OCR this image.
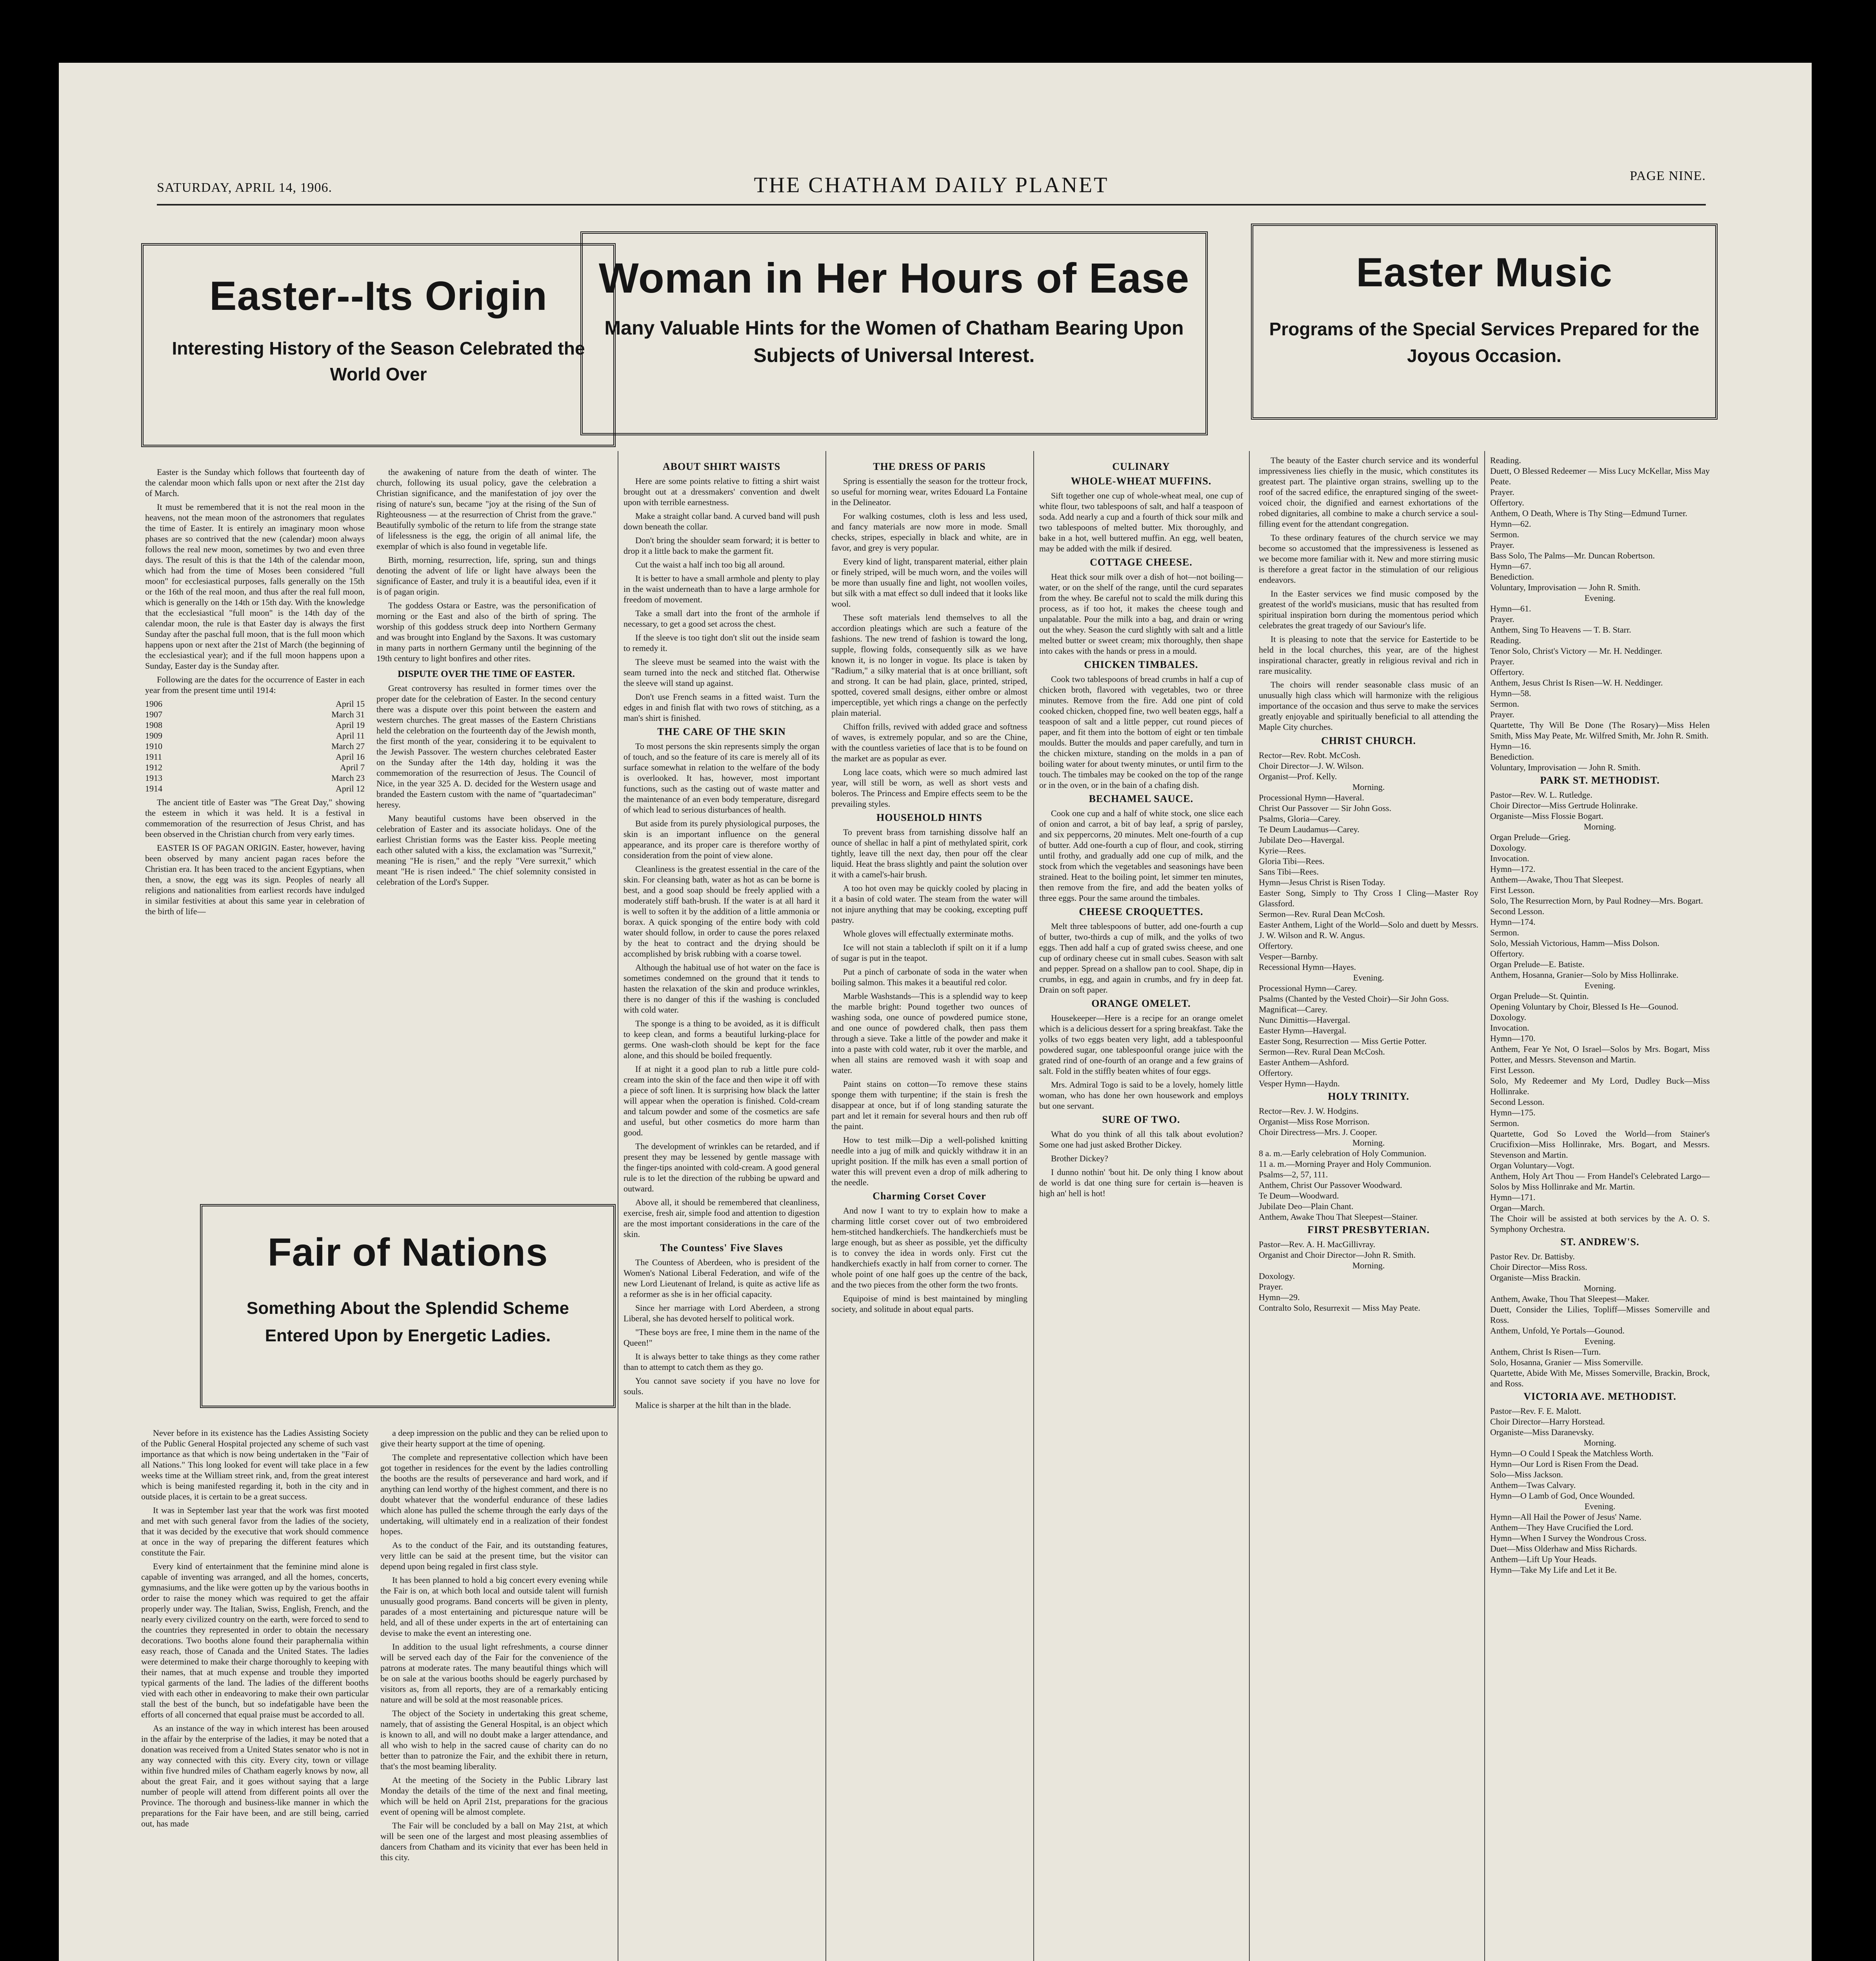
SATURDAY, APRIL 14, 1906.	THE CHATHAM DAILY PLANET	PAGE NINE.
Easter--Its Origin
Interesting History of the Season Celebrated the World Over
Woman in Her Hours of Ease
Many Valuable Hints for the Women of Chatham Bearing Upon Subjects of Universal Interest.
Easter Music
Programs of the Special Services Prepared for the Joyous Occasion.

Easter is the Sunday which follows that fourteenth day of the calendar moon which falls upon or next after the 21st day of March.

It must be remembered that it is not the real moon in the heavens, not the mean moon of the astronomers that regulates the time of Easter. It is entirely an imaginary moon whose phases are so contrived that the new (calendar) moon always follows the real new moon, sometimes by two and even three days. The result of this is that the 14th of the calendar moon, which had from the time of Moses been considered "full moon" for ecclesiastical purposes, falls generally on the 15th or the 16th of the real moon, and thus after the real full moon, which is generally on the 14th or 15th day. With the knowledge that the ecclesiastical "full moon" is the 14th day of the calendar moon, the rule is that Easter day is always the first Sunday after the paschal full moon, that is the full moon which happens upon or next after the 21st of March (the beginning of the ecclesiastical year); and if the full moon happens upon a Sunday, Easter day is the Sunday after.

Following are the dates for the occurrence of Easter in each year from the present time until 1914:

1906	April 15
1907	March 31
1908	April 19
1909	April 11
1910	March 27
1911	April 16
1912	April 7
1913	March 23
1914	April 12

The ancient title of Easter was "The Great Day," showing the esteem in which it was held. It is a festival in commemoration of the resurrection of Jesus Christ, and has been observed in the Christian church from very early times.

EASTER IS OF PAGAN ORIGIN. Easter, however, having been observed by many ancient pagan races before the Christian era. It has been traced to the ancient Egyptians, when then, a snow, the egg was its sign. Peoples of nearly all religions and nationalities from earliest records have indulged in similar festivities at about this same year in celebration of the birth of life—

the awakening of nature from the death of winter. The church, following its usual policy, gave the celebration a Christian significance, and the manifestation of joy over the rising of nature's sun, became "joy at the rising of the Sun of Righteousness — at the resurrection of Christ from the grave." Beautifully symbolic of the return to life from the strange state of lifelessness is the egg, the origin of all animal life, the exemplar of which is also found in vegetable life.

Birth, morning, resurrection, life, spring, sun and things denoting the advent of life or light have always been the significance of Easter, and truly it is a beautiful idea, even if it is of pagan origin.

The goddess Ostara or Eastre, was the personification of morning or the East and also of the birth of spring. The worship of this goddess struck deep into Northern Germany and was brought into England by the Saxons. It was customary in many parts in northern Germany until the beginning of the 19th century to light bonfires and other rites.

DISPUTE OVER THE TIME OF EASTER.

Great controversy has resulted in former times over the proper date for the celebration of Easter. In the second century there was a dispute over this point between the eastern and western churches. The great masses of the Eastern Christians held the celebration on the fourteenth day of the Jewish month, the first month of the year, considering it to be equivalent to the Jewish Passover. The western churches celebrated Easter on the Sunday after the 14th day, holding it was the commemoration of the resurrection of Jesus. The Council of Nice, in the year 325 A. D. decided for the Western usage and branded the Eastern custom with the name of "quartadeciman" heresy.

Many beautiful customs have been observed in the celebration of Easter and its associate holidays. One of the earliest Christian forms was the Easter kiss. People meeting each other saluted with a kiss, the exclamation was "Surrexit," meaning "He is risen," and the reply "Vere surrexit," which meant "He is risen indeed." The chief solemnity consisted in celebration of the Lord's Supper.

Fair of Nations
Something About the Splendid Scheme Entered Upon by Energetic Ladies.

Never before in its existence has the Ladies Assisting Society of the Public General Hospital projected any scheme of such vast importance as that which is now being undertaken in the "Fair of all Nations." This long looked for event will take place in a few weeks time at the William street rink, and, from the great interest which is being manifested regarding it, both in the city and in outside places, it is certain to be a great success.

It was in September last year that the work was first mooted and met with such general favor from the ladies of the society, that it was decided by the executive that work should commence at once in the way of preparing the different features which constitute the Fair.

Every kind of entertainment that the feminine mind alone is capable of inventing was arranged, and all the homes, concerts, gymnasiums, and the like were gotten up by the various booths in order to raise the money which was required to get the affair properly under way. The Italian, Swiss, English, French, and the nearly every civilized country on the earth, were forced to send to the countries they represented in order to obtain the necessary decorations. Two booths alone found their paraphernalia within easy reach, those of Canada and the United States. The ladies were determined to make their charge thoroughly to keeping with their names, that at much expense and trouble they imported typical garments of the land. The ladies of the different booths vied with each other in endeavoring to make their own particular stall the best of the bunch, but so indefatigable have been the efforts of all concerned that equal praise must be accorded to all.

As an instance of the way in which interest has been aroused in the affair by the enterprise of the ladies, it may be noted that a donation was received from a United States senator who is not in any way connected with this city. Every city, town or village within five hundred miles of Chatham eagerly knows by now, all about the great Fair, and it goes without saying that a large number of people will attend from different points all over the Province. The thorough and business-like manner in which the preparations for the Fair have been, and are still being, carried out, has made

a deep impression on the public and they can be relied upon to give their hearty support at the time of opening.

The complete and representative collection which have been got together in residences for the event by the ladies controlling the booths are the results of perseverance and hard work, and if anything can lend worthy of the highest comment, and there is no doubt whatever that the wonderful endurance of these ladies which alone has pulled the scheme through the early days of the undertaking, will ultimately end in a realization of their fondest hopes.

As to the conduct of the Fair, and its outstanding features, very little can be said at the present time, but the visitor can depend upon being regaled in first class style.

It has been planned to hold a big concert every evening while the Fair is on, at which both local and outside talent will furnish unusually good programs. Band concerts will be given in plenty, parades of a most entertaining and picturesque nature will be held, and all of these under experts in the art of entertaining can devise to make the event an interesting one.

In addition to the usual light refreshments, a course dinner will be served each day of the Fair for the convenience of the patrons at moderate rates. The many beautiful things which will be on sale at the various booths should be eagerly purchased by visitors as, from all reports, they are of a remarkably enticing nature and will be sold at the most reasonable prices.

The object of the Society in undertaking this great scheme, namely, that of assisting the General Hospital, is an object which is known to all, and will no doubt make a larger attendance, and all who wish to help in the sacred cause of charity can do no better than to patronize the Fair, and the exhibit there in return, that's the most beaming liberality.

At the meeting of the Society in the Public Library last Monday the details of the time of the next and final meeting, which will be held on April 21st, preparations for the gracious event of opening will be almost complete.

The Fair will be concluded by a ball on May 21st, at which will be seen one of the largest and most pleasing assemblies of dancers from Chatham and its vicinity that ever has been held in this city.

ABOUT SHIRT WAISTS

Here are some points relative to fitting a shirt waist brought out at a dressmakers' convention and dwelt upon with terrible earnestness.

Make a straight collar band. A curved band will push down beneath the collar.

Don't bring the shoulder seam forward; it is better to drop it a little back to make the garment fit.

Cut the waist a half inch too big all around.

It is better to have a small armhole and plenty to play in the waist underneath than to have a large armhole for freedom of movement.

Take a small dart into the front of the armhole if necessary, to get a good set across the chest.

If the sleeve is too tight don't slit out the inside seam to remedy it.

The sleeve must be seamed into the waist with the seam turned into the neck and stitched flat. Otherwise the sleeve will stand up against.

Don't use French seams in a fitted waist. Turn the edges in and finish flat with two rows of stitching, as a man's shirt is finished.

THE CARE OF THE SKIN

To most persons the skin represents simply the organ of touch, and so the feature of its care is merely all of its surface somewhat in relation to the welfare of the body is overlooked. It has, however, most important functions, such as the casting out of waste matter and the maintenance of an even body temperature, disregard of which lead to serious disturbances of health.

But aside from its purely physiological purposes, the skin is an important influence on the general appearance, and its proper care is therefore worthy of consideration from the point of view alone.

Cleanliness is the greatest essential in the care of the skin. For cleansing bath, water as hot as can be borne is best, and a good soap should be freely applied with a moderately stiff bath-brush. If the water is at all hard it is well to soften it by the addition of a little ammonia or borax. A quick sponging of the entire body with cold water should follow, in order to cause the pores relaxed by the heat to contract and the drying should be accomplished by brisk rubbing with a coarse towel.

Although the habitual use of hot water on the face is sometimes condemned on the ground that it tends to hasten the relaxation of the skin and produce wrinkles, there is no danger of this if the washing is concluded with cold water.

The sponge is a thing to be avoided, as it is difficult to keep clean, and forms a beautiful lurking-place for germs. One wash-cloth should be kept for the face alone, and this should be boiled frequently.

If at night it a good plan to rub a little pure cold-cream into the skin of the face and then wipe it off with a piece of soft linen. It is surprising how black the latter will appear when the operation is finished. Cold-cream and talcum powder and some of the cosmetics are safe and useful, but other cosmetics do more harm than good.

The development of wrinkles can be retarded, and if present they may be lessened by gentle massage with the finger-tips anointed with cold-cream. A good general rule is to let the direction of the rubbing be upward and outward.

Above all, it should be remembered that cleanliness, exercise, fresh air, simple food and attention to digestion are the most important considerations in the care of the skin.

The Countess' Five Slaves

The Countess of Aberdeen, who is president of the Women's National Liberal Federation, and wife of the new Lord Lieutenant of Ireland, is quite as active life as a reformer as she is in her official capacity.

Since her marriage with Lord Aberdeen, a strong Liberal, she has devoted herself to political work.

"These boys are free, I mine them in the name of the Queen!"

It is always better to take things as they come rather than to attempt to catch them as they go.

You cannot save society if you have no love for souls.

Malice is sharper at the hilt than in the blade.

THE DRESS OF PARIS

Spring is essentially the season for the trotteur frock, so useful for morning wear, writes Edouard La Fontaine in the Delineator.

For walking costumes, cloth is less and less used, and fancy materials are now more in mode. Small checks, stripes, especially in black and white, are in favor, and grey is very popular.

Every kind of light, transparent material, either plain or finely striped, will be much worn, and the voiles will be more than usually fine and light, not woollen voiles, but silk with a mat effect so dull indeed that it looks like wool.

These soft materials lend themselves to all the accordion pleatings which are such a feature of the fashions. The new trend of fashion is toward the long, supple, flowing folds, consequently silk as we have known it, is no longer in vogue. Its place is taken by "Radium," a silky material that is at once brilliant, soft and strong. It can be had plain, glace, printed, striped, spotted, covered small designs, either ombre or almost imperceptible, yet which rings a change on the perfectly plain material.

Chiffon frills, revived with added grace and softness of waves, is extremely popular, and so are the Chine, with the countless varieties of lace that is to be found on the market are as popular as ever.

Long lace coats, which were so much admired last year, will still be worn, as well as short vests and boleros. The Princess and Empire effects seem to be the prevailing styles.

HOUSEHOLD HINTS

To prevent brass from tarnishing dissolve half an ounce of shellac in half a pint of methylated spirit, cork tightly, leave till the next day, then pour off the clear liquid. Heat the brass slightly and paint the solution over it with a camel's-hair brush.

A too hot oven may be quickly cooled by placing in it a basin of cold water. The steam from the water will not injure anything that may be cooking, excepting puff pastry.

Whole gloves will effectually exterminate moths.

Ice will not stain a tablecloth if spilt on it if a lump of sugar is put in the teapot.

Put a pinch of carbonate of soda in the water when boiling salmon. This makes it a beautiful red color.

Marble Washstands—This is a splendid way to keep the marble bright: Pound together two ounces of washing soda, one ounce of powdered pumice stone, and one ounce of powdered chalk, then pass them through a sieve. Take a little of the powder and make it into a paste with cold water, rub it over the marble, and when all stains are removed wash it with soap and water.

Paint stains on cotton—To remove these stains sponge them with turpentine; if the stain is fresh the disappear at once, but if of long standing saturate the part and let it remain for several hours and then rub off the paint.

How to test milk—Dip a well-polished knitting needle into a jug of milk and quickly withdraw it in an upright position. If the milk has even a small portion of water this will prevent even a drop of milk adhering to the needle.

Charming Corset Cover

And now I want to try to explain how to make a charming little corset cover out of two embroidered hem-stitched handkerchiefs. The handkerchiefs must be large enough, but as sheer as possible, yet the difficulty is to convey the idea in words only. First cut the handkerchiefs exactly in half from corner to corner. The whole point of one half goes up the centre of the back, and the two pieces from the other form the two fronts.

Equipoise of mind is best maintained by mingling society, and solitude in about equal parts.

CULINARY
WHOLE-WHEAT MUFFINS.

Sift together one cup of whole-wheat meal, one cup of white flour, two tablespoons of salt, and half a teaspoon of soda. Add nearly a cup and a fourth of thick sour milk and two tablespoons of melted butter. Mix thoroughly, and bake in a hot, well buttered muffin. An egg, well beaten, may be added with the milk if desired.

COTTAGE CHEESE.

Heat thick sour milk over a dish of hot—not boiling—water, or on the shelf of the range, until the curd separates from the whey. Be careful not to scald the milk during this process, as if too hot, it makes the cheese tough and unpalatable. Pour the milk into a bag, and drain or wring out the whey. Season the curd slightly with salt and a little melted butter or sweet cream; mix thoroughly, then shape into cakes with the hands or press in a mould.

CHICKEN TIMBALES.

Cook two tablespoons of bread crumbs in half a cup of chicken broth, flavored with vegetables, two or three minutes. Remove from the fire. Add one pint of cold cooked chicken, chopped fine, two well beaten eggs, half a teaspoon of salt and a little pepper, cut round pieces of paper, and fit them into the bottom of eight or ten timbale moulds. Butter the moulds and paper carefully, and turn in the chicken mixture, standing on the molds in a pan of boiling water for about twenty minutes, or until firm to the touch. The timbales may be cooked on the top of the range or in the oven, or in the bain of a chafing dish.

BECHAMEL SAUCE.

Cook one cup and a half of white stock, one slice each of onion and carrot, a bit of bay leaf, a sprig of parsley, and six peppercorns, 20 minutes. Melt one-fourth of a cup of butter. Add one-fourth a cup of flour, and cook, stirring until frothy, and gradually add one cup of milk, and the stock from which the vegetables and seasonings have been strained. Heat to the boiling point, let simmer ten minutes, then remove from the fire, and add the beaten yolks of three eggs. Pour the same around the timbales.

CHEESE CROQUETTES.

Melt three tablespoons of butter, add one-fourth a cup of butter, two-thirds a cup of milk, and the yolks of two eggs. Then add half a cup of grated swiss cheese, and one cup of ordinary cheese cut in small cubes. Season with salt and pepper. Spread on a shallow pan to cool. Shape, dip in crumbs, in egg, and again in crumbs, and fry in deep fat. Drain on soft paper.

ORANGE OMELET.

Housekeeper—Here is a recipe for an orange omelet which is a delicious dessert for a spring breakfast. Take the yolks of two eggs beaten very light, add a tablespoonful powdered sugar, one tablespoonful orange juice with the grated rind of one-fourth of an orange and a few grains of salt. Fold in the stiffly beaten whites of four eggs.

Mrs. Admiral Togo is said to be a lovely, homely little woman, who has done her own housework and employs but one servant.

SURE OF TWO.

What do you think of all this talk about evolution? Some one had just asked Brother Dickey.

Brother Dickey?

I dunno nothin' 'bout hit. De only thing I know about de world is dat one thing sure for certain is—heaven is high an' hell is hot!

The beauty of the Easter church service and its wonderful impressiveness lies chiefly in the music, which constitutes its greatest part. The plaintive organ strains, swelling up to the roof of the sacred edifice, the enraptured singing of the sweet-voiced choir, the dignified and earnest exhortations of the robed dignitaries, all combine to make a church service a soul-filling event for the attendant congregation.

To these ordinary features of the church service we may become so accustomed that the impressiveness is lessened as we become more familiar with it. New and more stirring music is therefore a great factor in the stimulation of our religious endeavors.

In the Easter services we find music composed by the greatest of the world's musicians, music that has resulted from spiritual inspiration born during the momentous period which celebrates the great tragedy of our Saviour's life.

It is pleasing to note that the service for Eastertide to be held in the local churches, this year, are of the highest inspirational character, greatly in religious revival and rich in rare musicality.

The choirs will render seasonable class music of an unusually high class which will harmonize with the religious importance of the occasion and thus serve to make the services greatly enjoyable and spiritually beneficial to all attending the Maple City churches.

CHRIST CHURCH.
Rector—Rev. Robt. McCosh.
Choir Director—J. W. Wilson.
Organist—Prof. Kelly.
Morning.
Processional Hymn—Haveral.
Christ Our Passover — Sir John Goss.
Psalms, Gloria—Carey.
Te Deum Laudamus—Carey.
Jubilate Deo—Havergal.
Kyrie—Rees.
Gloria Tibi—Rees.
Sans Tibi—Rees.
Hymn—Jesus Christ is Risen Today.
Easter Song, Simply to Thy Cross I Cling—Master Roy Glassford.
Sermon—Rev. Rural Dean McCosh.
Easter Anthem, Light of the World—Solo and duett by Messrs. J. W. Wilson and R. W. Angus.
Offertory.
Vesper—Barnby.
Recessional Hymn—Hayes.
Evening.
Processional Hymn—Carey.
Psalms (Chanted by the Vested Choir)—Sir John Goss.
Magnificat—Carey.
Nunc Dimittis—Havergal.
Easter Hymn—Havergal.
Easter Song, Resurrection — Miss Gertie Potter.
Sermon—Rev. Rural Dean McCosh.
Easter Anthem—Ashford.
Offertory.
Vesper Hymn—Haydn.
HOLY TRINITY.
Rector—Rev. J. W. Hodgins.
Organist—Miss Rose Morrison.
Choir Directress—Mrs. J. Cooper.
Morning.
8 a. m.—Early celebration of Holy Communion.
11 a. m.—Morning Prayer and Holy Communion.
Psalms—2, 57, 111.
Anthem, Christ Our Passover Woodward.
Te Deum—Woodward.
Jubilate Deo—Plain Chant.
Anthem, Awake Thou That Sleepest—Stainer.
FIRST PRESBYTERIAN.
Pastor—Rev. A. H. MacGillivray.
Organist and Choir Director—John R. Smith.
Morning.
Doxology.
Prayer.
Hymn—29.
Contralto Solo, Resurrexit — Miss May Peate.
Reading.
Duett, O Blessed Redeemer — Miss Lucy McKellar, Miss May Peate.
Prayer.
Offertory.
Anthem, O Death, Where is Thy Sting—Edmund Turner.
Hymn—62.
Sermon.
Prayer.
Bass Solo, The Palms—Mr. Duncan Robertson.
Hymn—67.
Benediction.
Voluntary, Improvisation — John R. Smith.
Evening.
Hymn—61.
Prayer.
Anthem, Sing To Heavens — T. B. Starr.
Reading.
Tenor Solo, Christ's Victory — Mr. H. Neddinger.
Prayer.
Offertory.
Anthem, Jesus Christ Is Risen—W. H. Neddinger.
Hymn—58.
Sermon.
Prayer.
Quartette, Thy Will Be Done (The Rosary)—Miss Helen Smith, Miss May Peate, Mr. Wilfred Smith, Mr. John R. Smith.
Hymn—16.
Benediction.
Voluntary, Improvisation — John R. Smith.
PARK ST. METHODIST.
Pastor—Rev. W. L. Rutledge.
Choir Director—Miss Gertrude Holinrake.
Organiste—Miss Flossie Bogart.
Morning.
Organ Prelude—Grieg.
Doxology.
Invocation.
Hymn—172.
Anthem—Awake, Thou That Sleepest.
First Lesson.
Solo, The Resurrection Morn, by Paul Rodney—Mrs. Bogart.
Second Lesson.
Hymn—174.
Sermon.
Solo, Messiah Victorious, Hamm—Miss Dolson.
Offertory.
Organ Prelude—E. Batiste.
Anthem, Hosanna, Granier—Solo by Miss Hollinrake.
Evening.
Organ Prelude—St. Quintin.
Opening Voluntary by Choir, Blessed Is He—Gounod.
Doxology.
Invocation.
Hymn—170.
Anthem, Fear Ye Not, O Israel—Solos by Mrs. Bogart, Miss Potter, and Messrs. Stevenson and Martin.
First Lesson.
Solo, My Redeemer and My Lord, Dudley Buck—Miss Hollinrake.
Second Lesson.
Hymn—175.
Sermon.
Quartette, God So Loved the World—from Stainer's Crucifixion—Miss Hollinrake, Mrs. Bogart, and Messrs. Stevenson and Martin.
Organ Voluntary—Vogt.
Anthem, Holy Art Thou — From Handel's Celebrated Largo—Solos by Miss Hollinrake and Mr. Martin.
Hymn—171.
Organ—March.
The Choir will be assisted at both services by the A. O. S. Symphony Orchestra.
ST. ANDREW'S.
Pastor Rev. Dr. Battisby.
Choir Director—Miss Ross.
Organiste—Miss Brackin.
Morning.
Anthem, Awake, Thou That Sleepest—Maker.
Duett, Consider the Lilies, Topliff—Misses Somerville and Ross.
Anthem, Unfold, Ye Portals—Gounod.
Evening.
Anthem, Christ Is Risen—Turn.
Solo, Hosanna, Granier — Miss Somerville.
Quartette, Abide With Me, Misses Somerville, Brackin, Brock, and Ross.
VICTORIA AVE. METHODIST.
Pastor—Rev. F. E. Malott.
Choir Director—Harry Horstead.
Organiste—Miss Daranevsky.
Morning.
Hymn—O Could I Speak the Matchless Worth.
Hymn—Our Lord is Risen From the Dead.
Solo—Miss Jackson.
Anthem—Twas Calvary.
Hymn—O Lamb of God, Once Wounded.
Evening.
Hymn—All Hail the Power of Jesus' Name.
Anthem—They Have Crucified the Lord.
Hymn—When I Survey the Wondrous Cross.
Duet—Miss Olderhaw and Miss Richards.
Anthem—Lift Up Your Heads.
Hymn—Take My Life and Let it Be.
